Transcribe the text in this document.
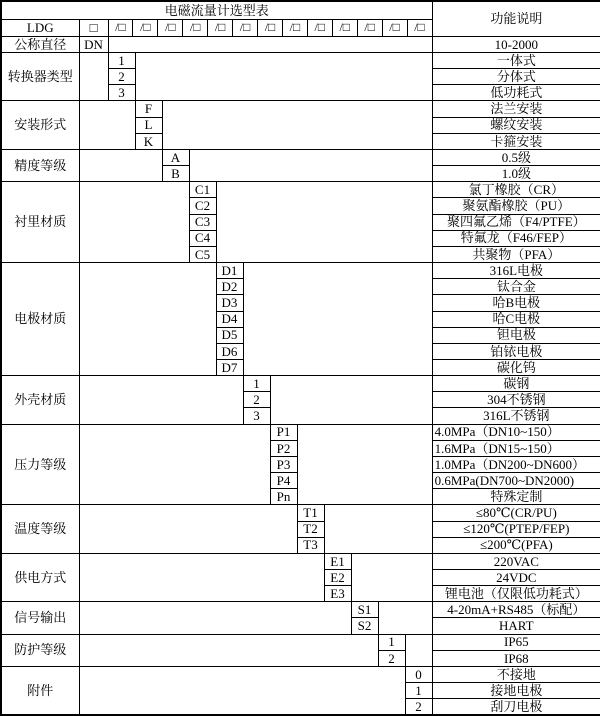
电磁流量计选型表														功能说明
LDG	□	/□	/□	/□	/□	/□	/□	/□	/□	/□	/□	/□	/□	/□

公称直径	DN													10-2000
转换器类型		1												一体式
		2												分体式
		3												低功耗式
安装形式			F											法兰安装
			L											螺纹安装
			K											卡箍安装
精度等级				A										0.5级
				B										1.0级
衬里材质					C1									氯丁橡胶（CR）
					C2									聚氨酯橡胶（PU）
					C3									聚四氟乙烯（F4/PTFE）
					C4									特氟龙（F46/FEP）
					C5									共聚物（PFA）
电极材质						D1								316L电极
						D2								钛合金
						D3								哈B电极
						D4								哈C电极
						D5								钽电极
						D6								铂铱电极
						D7								碳化钨
外壳材质							1							碳钢
							2							304不锈钢
							3							316L不锈钢
压力等级								P1						4.0MPa（DN10~150）
								P2						1.6MPa（DN15~150）
								P3						1.0MPa（DN200~DN600）
								P4						0.6MPa(DN700~DN2000)
								Pn						特殊定制
温度等级									T1					≤80℃(CR/PU)
									T2					≤120℃(PTEP/FEP)
									T3					≤200℃(PFA)
供电方式										E1				220VAC
										E2				24VDC
										E3				锂电池（仅限低功耗式）
信号输出											S1			4-20mA+RS485（标配）
											S2			HART
防护等级												1		IP65
												2		IP68
附件													0	不接地
													1	接地电极
													2	刮刀电极
